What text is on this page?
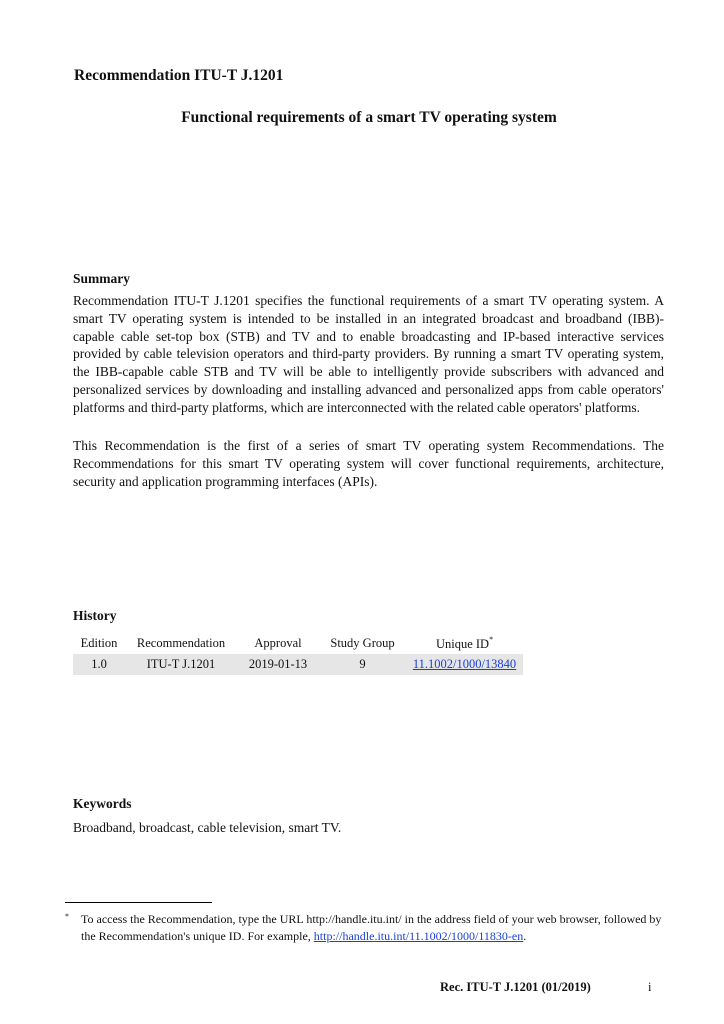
Recommendation ITU-T J.1201
Functional requirements of a smart TV operating system
Summary

Recommendation ITU-T J.1201 specifies the functional requirements of a smart TV operating system. A smart TV operating system is intended to be installed in an integrated broadcast and broadband (IBB)-capable cable set-top box (STB) and TV and to enable broadcasting and IP-based interactive services provided by cable television operators and third-party providers. By running a smart TV operating system, the IBB-capable cable STB and TV will be able to intelligently provide subscribers with advanced and personalized services by downloading and installing advanced and personalized apps from cable operators' platforms and third-party platforms, which are interconnected with the related cable operators' platforms.

This Recommendation is the first of a series of smart TV operating system Recommendations. The Recommendations for this smart TV operating system will cover functional requirements, architecture, security and application programming interfaces (APIs).

History
Edition	Recommendation	Approval	Study Group	Unique ID*
1.0	ITU-T J.1201	2019-01-13	9	11.1002/1000/13840
Keywords
Broadband, broadcast, cable television, smart TV.
* To access the Recommendation, type the URL http://handle.itu.int/ in the address field of your web browser, followed by the Recommendation's unique ID. For example, http://handle.itu.int/11.1002/1000/11830-en.
Rec. ITU-T J.1201 (01/2019)	i
